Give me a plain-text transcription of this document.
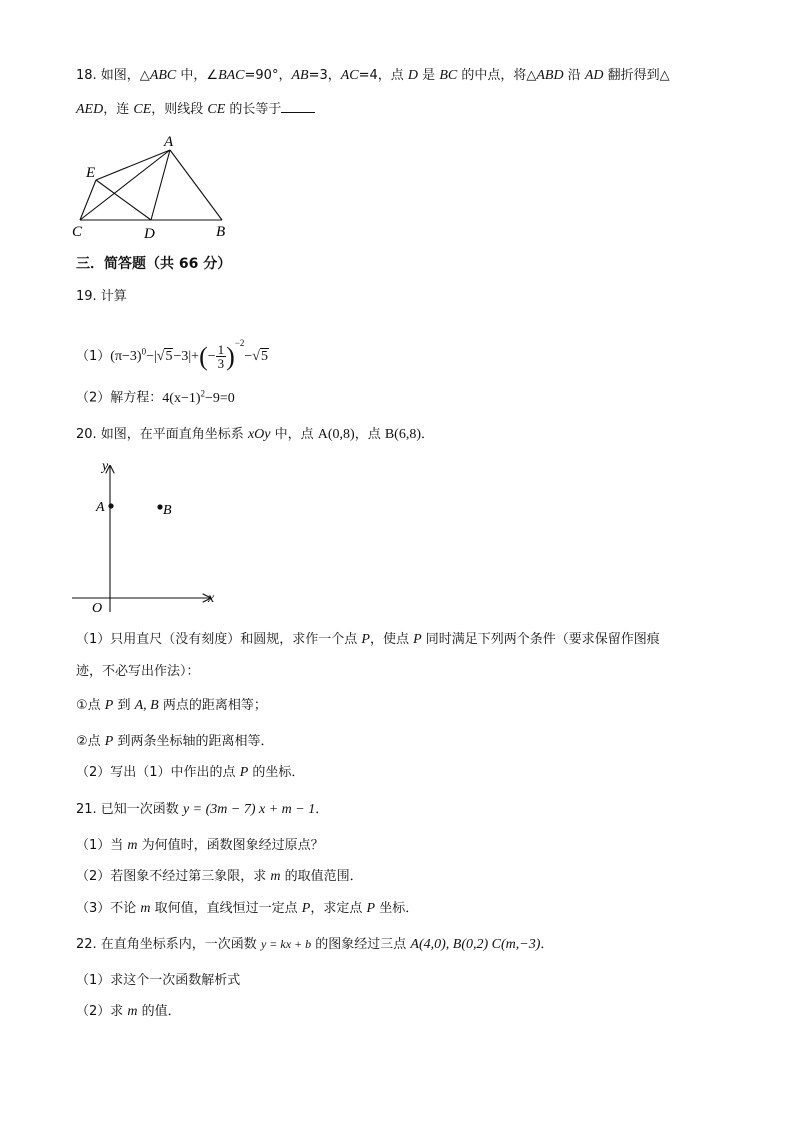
18. 如图，△ABC 中，∠BAC=90°，AB=3，AC=4，点 D 是 BC 的中点，将△ABD 沿 AD 翻折得到△
AED，连 CE，则线段 CE 的长等于
A
E
C	D	B
三．简答题（共 66 分）
19. 计算
$(1)(\pi-3)^0-|√5-3|+(- \frac{1}{3} )^{-2}-√5$
（2）解方程：$4(x-1)^2-9=0$
20. 如图，在平面直角坐标系 xOy 中，点 A(0,8)，点 B(6,8)．
y
x
O
A	B
（1）只用直尺（没有刻度）和圆规，求作一个点 P，使点 P 同时满足下列两个条件（要求保留作图痕
迹，不必写出作法）：
①点 P 到 A, B 两点的距离相等；
②点 P 到两条坐标轴的距离相等．
（2）写出（1）中作出的点 P 的坐标．
21. 已知一次函数 y = (3m − 7) x + m − 1．
（1）当 m 为何值时，函数图象经过原点？
（2）若图象不经过第三象限，求 m 的取值范围．
（3）不论 m 取何值，直线恒过一定点 P，求定点 P 坐标．
22. 在直角坐标系内，一次函数 y = kx + b 的图象经过三点 A(4,0), B(0,2) C(m,−3)．
（1）求这个一次函数解析式
（2）求 m 的值．
